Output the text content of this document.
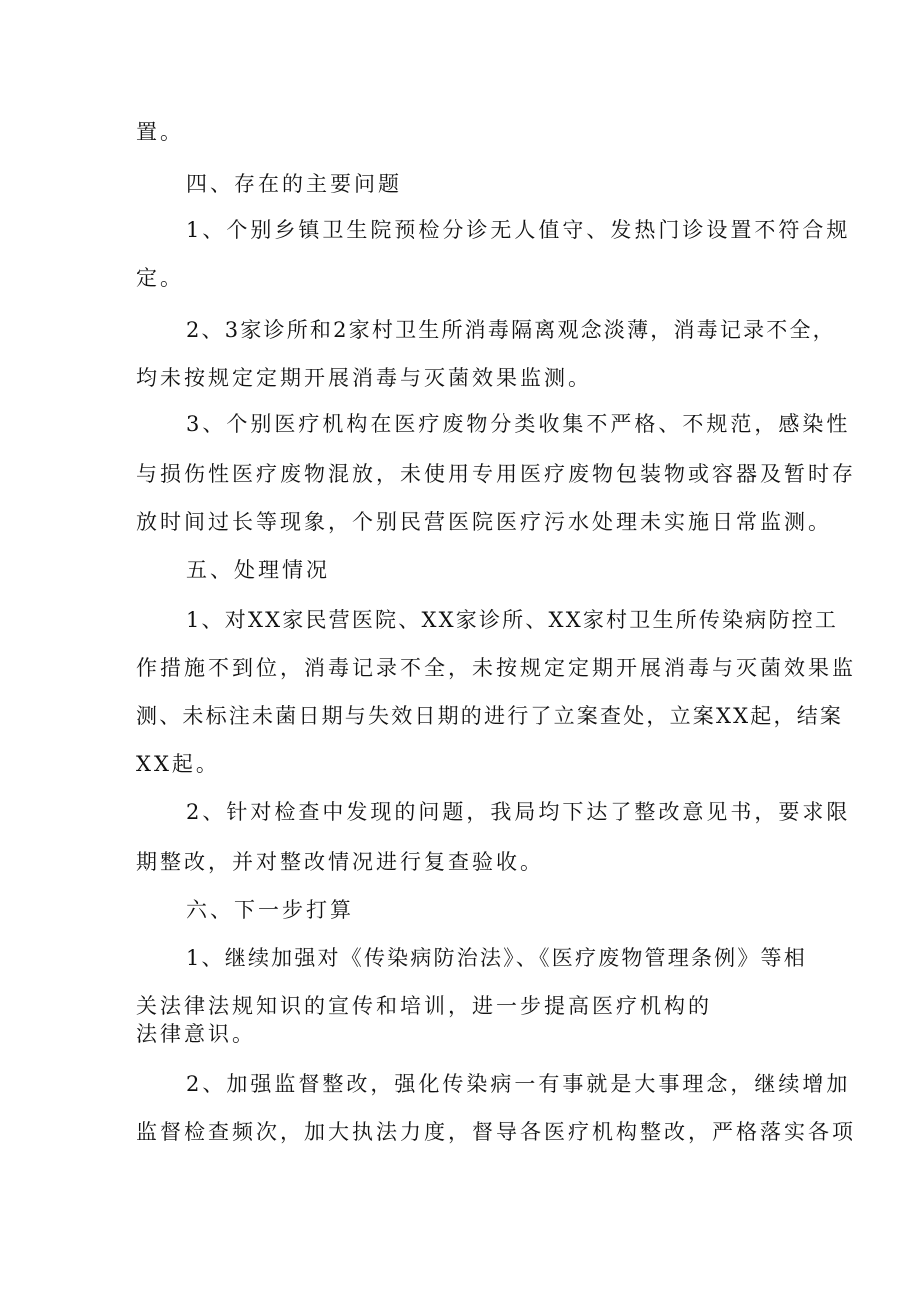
置。
四、存在的主要问题
1、个别乡镇卫生院预检分诊无人值守、发热门诊设置不符合规
定。
2、3家诊所和2家村卫生所消毒隔离观念淡薄，消毒记录不全，
均未按规定定期开展消毒与灭菌效果监测。
3、个别医疗机构在医疗废物分类收集不严格、不规范，感染性
与损伤性医疗废物混放，未使用专用医疗废物包装物或容器及暂时存
放时间过长等现象，个别民营医院医疗污水处理未实施日常监测。
五、处理情况
1、对XX家民营医院、XX家诊所、XX家村卫生所传染病防控工
作措施不到位，消毒记录不全，未按规定定期开展消毒与灭菌效果监
测、未标注未菌日期与失效日期的进行了立案查处，立案XX起，结案
XX起。
2、针对检查中发现的问题，我局均下达了整改意见书，要求限
期整改，并对整改情况进行复查验收。
六、下一步打算
1、继续加强对《传染病防治法》、《医疗废物管理条例》等相
关法律法规知识的宣传和培训，进一步提高医疗机构的
法律意识。
2、加强监督整改，强化传染病一有事就是大事理念，继续增加
监督检查频次，加大执法力度，督导各医疗机构整改，严格落实各项
